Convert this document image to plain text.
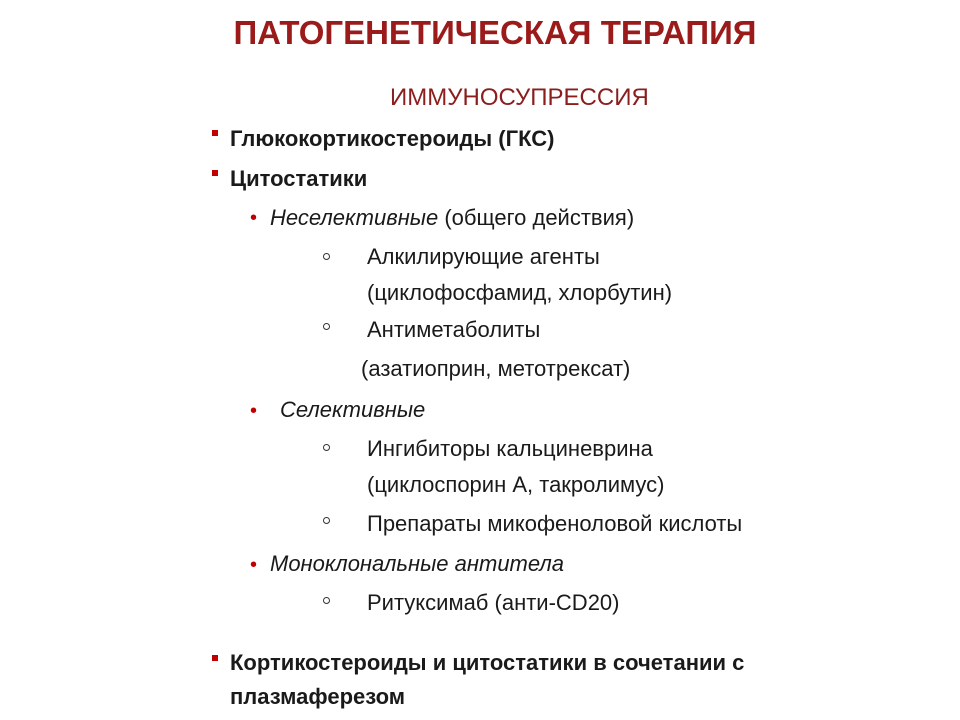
ПАТОГЕНЕТИЧЕСКАЯ ТЕРАПИЯ
ИММУНОСУПРЕССИЯ
Глюкокортикостероиды (ГКС)
Цитостатики
• Неселективные (общего действия)
Алкилирующие агенты
(циклофосфамид, хлорбутин)
Антиметаболиты
(азатиоприн, метотрексат)
• Селективные
Ингибиторы кальциневрина
(циклоспорин А, такролимус)
Препараты микофеноловой кислоты
• Моноклональные антитела
Ритуксимаб (анти-CD20)
Кортикостероиды и цитостатики в сочетании с
плазмаферезом
